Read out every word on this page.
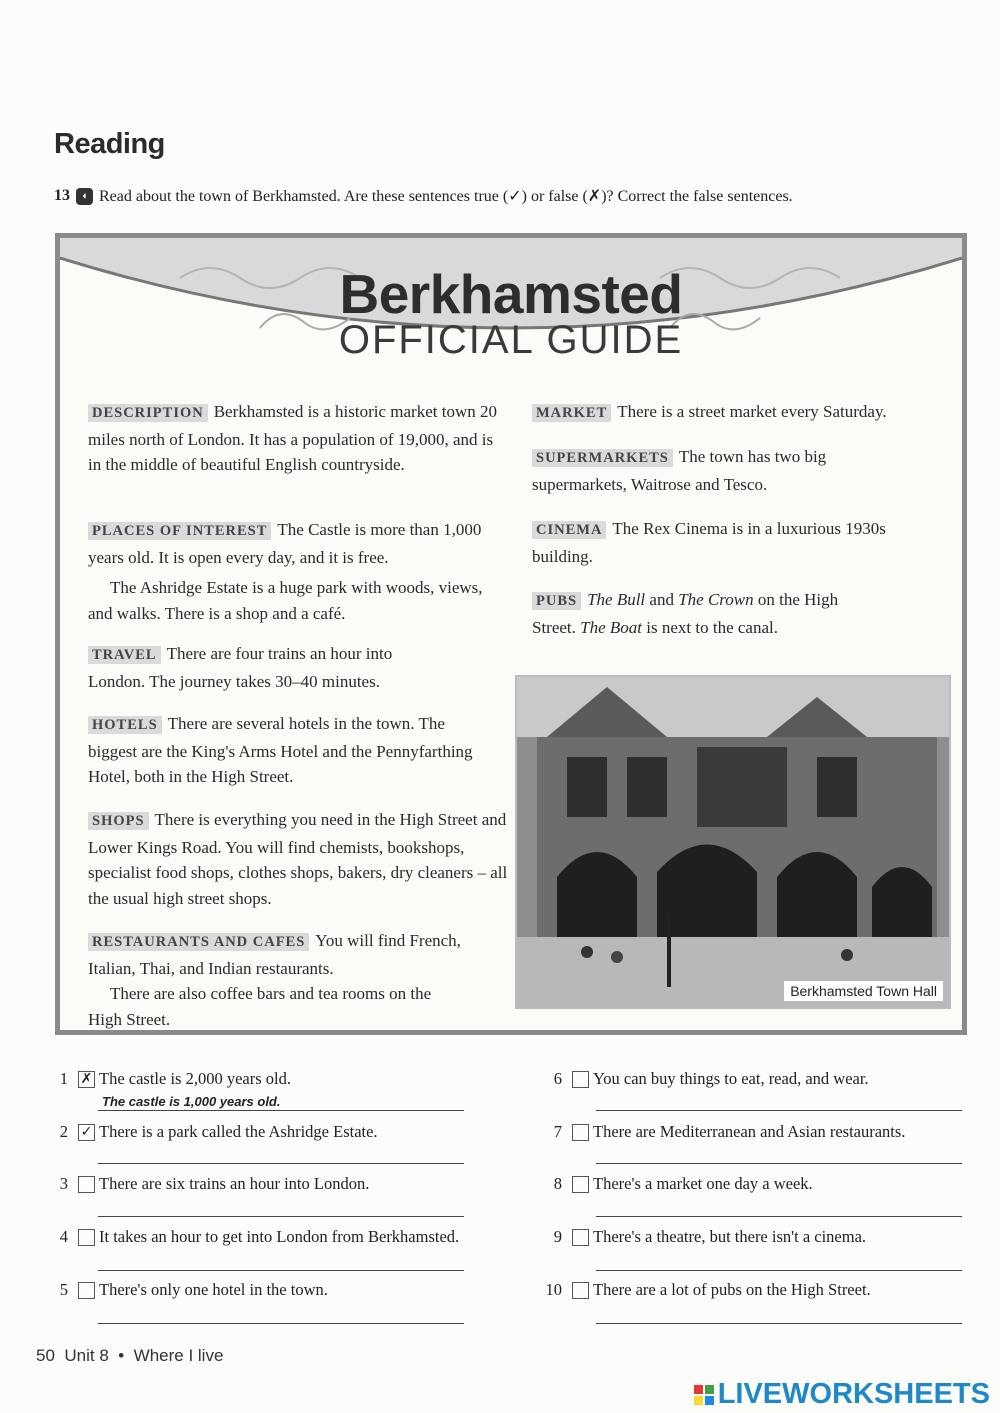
Reading
13	◖ Read about the town of Berkhamsted. Are these sentences true (✓) or false (✗)? Correct the false sentences.
Berkhamsted
OFFICIAL GUIDE
DESCRIPTION Berkhamsted is a historic market town 20 miles north of London. It has a population of 19,000, and is in the middle of beautiful English countryside.
PLACES OF INTEREST The Castle is more than 1,000 years old. It is open every day, and it is free.
The Ashridge Estate is a huge park with woods, views, and walks. There is a shop and a café.
TRAVEL There are four trains an hour into London. The journey takes 30–40 minutes.
HOTELS There are several hotels in the town. The biggest are the King's Arms Hotel and the Pennyfarthing Hotel, both in the High Street.
SHOPS There is everything you need in the High Street and Lower Kings Road. You will find chemists, bookshops, specialist food shops, clothes shops, bakers, dry cleaners – all the usual high street shops.
RESTAURANTS AND CAFES You will find French, Italian, Thai, and Indian restaurants.
There are also coffee bars and tea rooms on the High Street.
MARKET There is a street market every Saturday.
SUPERMARKETS The town has two big supermarkets, Waitrose and Tesco.
CINEMA The Rex Cinema is in a luxurious 1930s building.
PUBS The Bull and The Crown on the High Street. The Boat is next to the canal.
Berkhamsted Town Hall
1 ✗ The castle is 2,000 years old.
The castle is 1,000 years old.
2 ✓ There is a park called the Ashridge Estate.
3 There are six trains an hour into London.
4 It takes an hour to get into London from Berkhamsted.
5 There's only one hotel in the town.
6 You can buy things to eat, read, and wear.
7 There are Mediterranean and Asian restaurants.
8 There's a market one day a week.
9 There's a theatre, but there isn't a cinema.
10 There are a lot of pubs on the High Street.
50 Unit 8 • Where I live
LIVEWORKSHEETS
